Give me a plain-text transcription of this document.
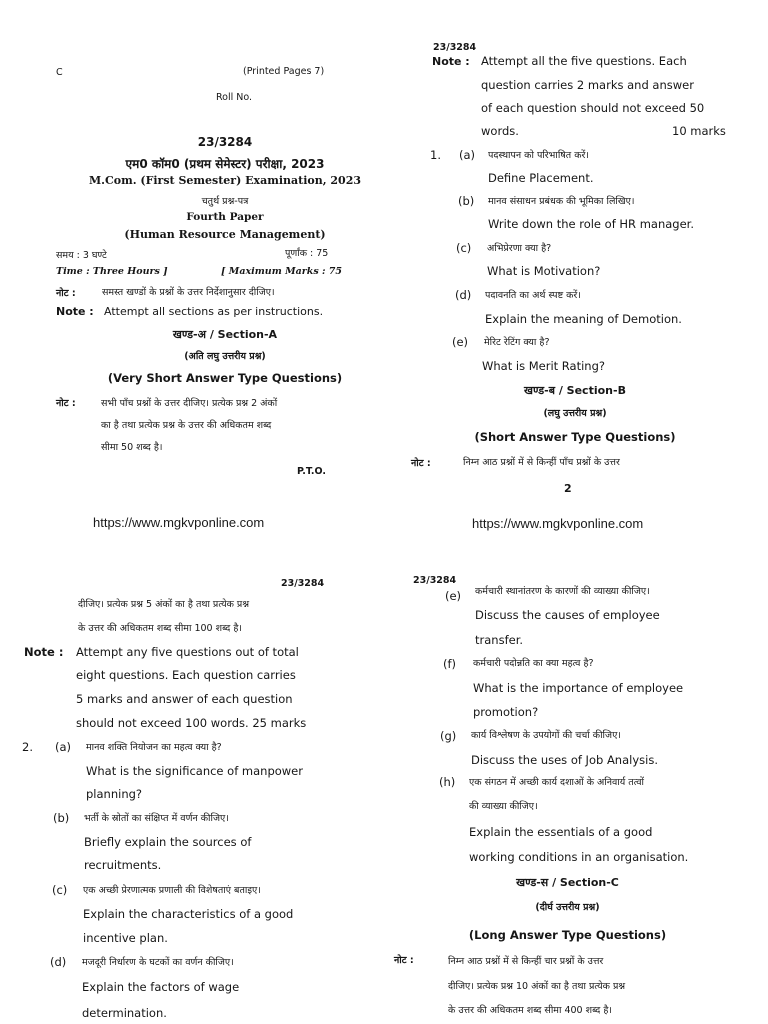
C	(Printed Pages 7)
Roll No.
23/3284
एम0 कॉम0 (प्रथम सेमेस्टर) परीक्षा, 2023
M.Com. (First Semester) Examination, 2023
चतुर्थ प्रश्न-पत्र
Fourth Paper
(Human Resource Management)
समय : 3 घण्टे	पूर्णांक : 75
Time : Three Hours ]	[ Maximum Marks : 75
नोट :	समस्त खण्डों के प्रश्नों के उत्तर निर्देशानुसार दीजिए।
Note : Attempt all sections as per instructions.
खण्ड-अ / Section-A
(अति लघु उत्तरीय प्रश्न)
(Very Short Answer Type Questions)
नोट :	सभी पाँच प्रश्नों के उत्तर दीजिए। प्रत्येक प्रश्न 2 अंकों
का है तथा प्रत्येक प्रश्न के उत्तर की अधिकतम शब्द
सीमा 50 शब्द है।
P.T.O.
https://www.mgkvponline.com
23/3284
Note : Attempt all the five questions. Each
question carries 2 marks and answer
of each question should not exceed 50
words.	10 marks
1. (a) पदस्थापन को परिभाषित करें।
Define Placement.
(b) मानव संसाधन प्रबंधक की भूमिका लिखिए।
Write down the role of HR manager.
(c) अभिप्रेरणा क्या है?
What is Motivation?
(d) पदावनति का अर्थ स्पष्ट करें।
Explain the meaning of Demotion.
(e) मेरिट रेटिंग क्या है?
What is Merit Rating?
खण्ड-ब / Section-B
(लघु उत्तरीय प्रश्न)
(Short Answer Type Questions)
नोट :	निम्न आठ प्रश्नों में से किन्हीं पाँच प्रश्नों के उत्तर
2
https://www.mgkvponline.com
23/3284
दीजिए। प्रत्येक प्रश्न 5 अंकों का है तथा प्रत्येक प्रश्न
के उत्तर की अधिकतम शब्द सीमा 100 शब्द है।
Note : Attempt any five questions out of total
eight questions. Each question carries
5 marks and answer of each question
should not exceed 100 words. 25 marks
2. (a) मानव शक्ति नियोजन का महत्व क्या है?
What is the significance of manpower
planning?
(b) भर्ती के स्रोतों का संक्षिप्त में वर्णन कीजिए।
Briefly explain the sources of
recruitments.
(c) एक अच्छी प्रेरणात्मक प्रणाली की विशेषताएं बताइए।
Explain the characteristics of a good
incentive plan.
(d) मजदूरी निर्धारण के घटकों का वर्णन कीजिए।
Explain the factors of wage
determination.
23/3284
(e) कर्मचारी स्थानांतरण के कारणों की व्याख्या कीजिए।
Discuss the causes of employee
transfer.
(f) कर्मचारी पदोन्नति का क्या महत्व है?
What is the importance of employee
promotion?
(g) कार्य विश्लेषण के उपयोगों की चर्चा कीजिए।
Discuss the uses of Job Analysis.
(h) एक संगठन में अच्छी कार्य दशाओं के अनिवार्य तत्वों
की व्याख्या कीजिए।
Explain the essentials of a good
working conditions in an organisation.
खण्ड-स / Section-C
(दीर्घ उत्तरीय प्रश्न)
(Long Answer Type Questions)
नोट :	निम्न आठ प्रश्नों में से किन्हीं चार प्रश्नों के उत्तर
दीजिए। प्रत्येक प्रश्न 10 अंकों का है तथा प्रत्येक प्रश्न
के उत्तर की अधिकतम शब्द सीमा 400 शब्द है।
